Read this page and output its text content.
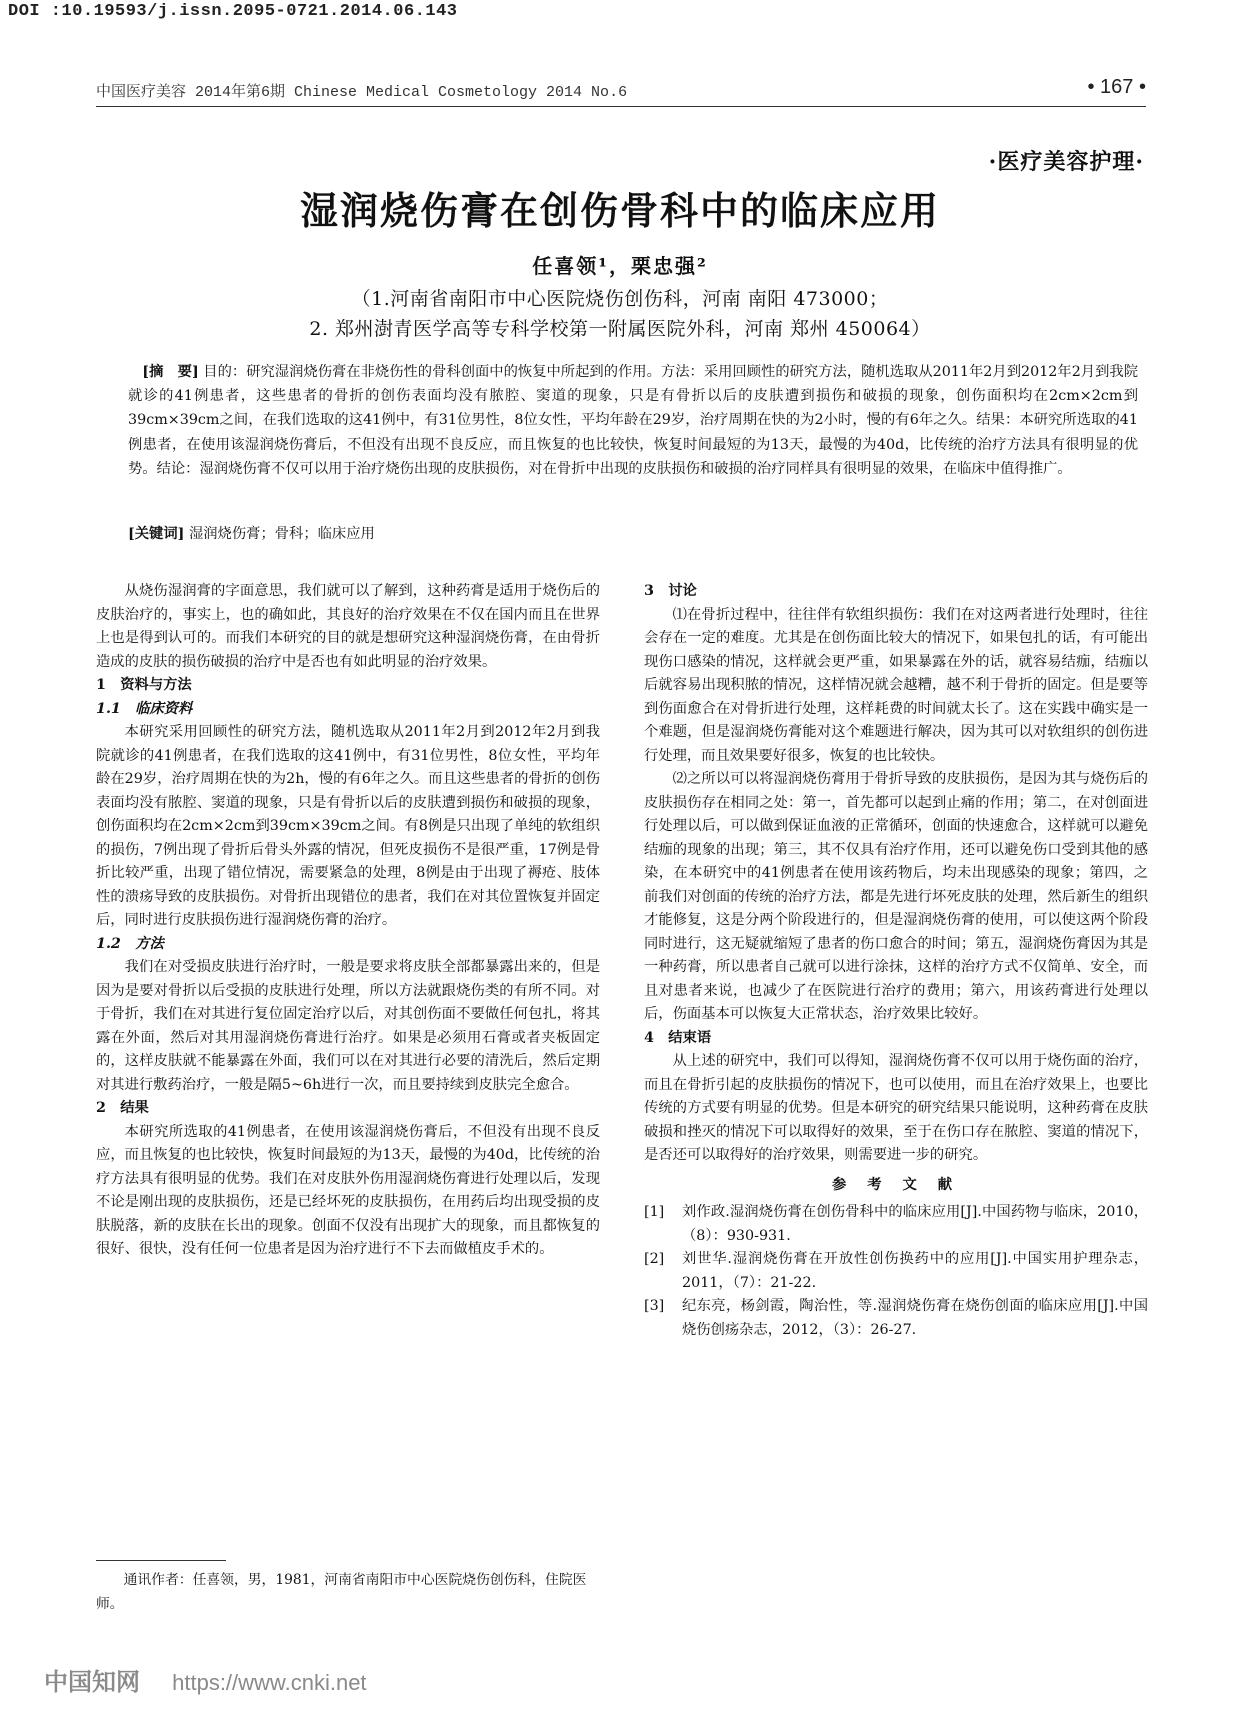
DOI :10.19593/j.issn.2095-0721.2014.06.143
中国医疗美容 2014年第6期 Chinese Medical Cosmetology 2014 No.6	• 167 •
·医疗美容护理·
湿润烧伤膏在创伤骨科中的临床应用
任喜领¹，栗忠强²
（1.河南省南阳市中心医院烧伤创伤科，河南 南阳 473000；
2. 郑州澍青医学高等专科学校第一附属医院外科，河南 郑州 450064）
[摘　要] 目的：研究湿润烧伤膏在非烧伤性的骨科创面中的恢复中所起到的作用。方法：采用回顾性的研究方法，随机选取从2011年2月到2012年2月到我院就诊的41例患者，这些患者的骨折的创伤表面均没有脓腔、窦道的现象，只是有骨折以后的皮肤遭到损伤和破损的现象，创伤面积均在2cm×2cm到39cm×39cm之间，在我们选取的这41例中，有31位男性，8位女性，平均年龄在29岁，治疗周期在快的为2小时，慢的有6年之久。结果：本研究所选取的41例患者，在使用该湿润烧伤膏后，不但没有出现不良反应，而且恢复的也比较快，恢复时间最短的为13天，最慢的为40d，比传统的治疗方法具有很明显的优势。结论：湿润烧伤膏不仅可以用于治疗烧伤出现的皮肤损伤，对在骨折中出现的皮肤损伤和破损的治疗同样具有很明显的效果，在临床中值得推广。
[关键词] 湿润烧伤膏；骨科；临床应用

从烧伤湿润膏的字面意思，我们就可以了解到，这种药膏是适用于烧伤后的皮肤治疗的，事实上，也的确如此，其良好的治疗效果在不仅在国内而且在世界上也是得到认可的。而我们本研究的目的就是想研究这种湿润烧伤膏，在由骨折造成的皮肤的损伤破损的治疗中是否也有如此明显的治疗效果。

1　资料与方法

1.1　临床资料

本研究采用回顾性的研究方法，随机选取从2011年2月到2012年2月到我院就诊的41例患者，在我们选取的这41例中，有31位男性，8位女性，平均年龄在29岁，治疗周期在快的为2h，慢的有6年之久。而且这些患者的骨折的创伤表面均没有脓腔、窦道的现象，只是有骨折以后的皮肤遭到损伤和破损的现象，创伤面积均在2cm×2cm到39cm×39cm之间。有8例是只出现了单纯的软组织的损伤，7例出现了骨折后骨头外露的情况，但死皮损伤不是很严重，17例是骨折比较严重，出现了错位情况，需要紧急的处理，8例是由于出现了褥疮、肢体性的溃疡导致的皮肤损伤。对骨折出现错位的患者，我们在对其位置恢复并固定后，同时进行皮肤损伤进行湿润烧伤膏的治疗。

1.2　方法

我们在对受损皮肤进行治疗时，一般是要求将皮肤全部都暴露出来的，但是因为是要对骨折以后受损的皮肤进行处理，所以方法就跟烧伤类的有所不同。对于骨折，我们在对其进行复位固定治疗以后，对其创伤面不要做任何包扎，将其露在外面，然后对其用湿润烧伤膏进行治疗。如果是必须用石膏或者夹板固定的，这样皮肤就不能暴露在外面，我们可以在对其进行必要的清洗后，然后定期对其进行敷药治疗，一般是隔5~6h进行一次，而且要持续到皮肤完全愈合。

2　结果

本研究所选取的41例患者，在使用该湿润烧伤膏后，不但没有出现不良反应，而且恢复的也比较快，恢复时间最短的为13天，最慢的为40d，比传统的治疗方法具有很明显的优势。我们在对皮肤外伤用湿润烧伤膏进行处理以后，发现不论是刚出现的皮肤损伤，还是已经坏死的皮肤损伤，在用药后均出现受损的皮肤脱落，新的皮肤在长出的现象。创面不仅没有出现扩大的现象，而且都恢复的很好、很快，没有任何一位患者是因为治疗进行不下去而做植皮手术的。

3　讨论

⑴在骨折过程中，往往伴有软组织损伤：我们在对这两者进行处理时，往往会存在一定的难度。尤其是在创伤面比较大的情况下，如果包扎的话，有可能出现伤口感染的情况，这样就会更严重，如果暴露在外的话，就容易结痂，结痂以后就容易出现积脓的情况，这样情况就会越糟，越不利于骨折的固定。但是要等到伤面愈合在对骨折进行处理，这样耗费的时间就太长了。这在实践中确实是一个难题，但是湿润烧伤膏能对这个难题进行解决，因为其可以对软组织的创伤进行处理，而且效果要好很多，恢复的也比较快。

⑵之所以可以将湿润烧伤膏用于骨折导致的皮肤损伤，是因为其与烧伤后的皮肤损伤存在相同之处：第一，首先都可以起到止痛的作用；第二，在对创面进行处理以后，可以做到保证血液的正常循环，创面的快速愈合，这样就可以避免结痂的现象的出现；第三，其不仅具有治疗作用，还可以避免伤口受到其他的感染，在本研究中的41例患者在使用该药物后，均未出现感染的现象；第四，之前我们对创面的传统的治疗方法，都是先进行坏死皮肤的处理，然后新生的组织才能修复，这是分两个阶段进行的，但是湿润烧伤膏的使用，可以使这两个阶段同时进行，这无疑就缩短了患者的伤口愈合的时间；第五，湿润烧伤膏因为其是一种药膏，所以患者自己就可以进行涂抹，这样的治疗方式不仅简单、安全，而且对患者来说，也减少了在医院进行治疗的费用；第六，用该药膏进行处理以后，伤面基本可以恢复大正常状态，治疗效果比较好。

4　结束语

从上述的研究中，我们可以得知，湿润烧伤膏不仅可以用于烧伤面的治疗，而且在骨折引起的皮肤损伤的情况下，也可以使用，而且在治疗效果上，也要比传统的方式要有明显的优势。但是本研究的研究结果只能说明，这种药膏在皮肤破损和挫灭的情况下可以取得好的效果，至于在伤口存在脓腔、窦道的情况下，是否还可以取得好的治疗效果，则需要进一步的研究。

参 考 文 献
[1]	刘作政.湿润烧伤膏在创伤骨科中的临床应用[J].中国药物与临床，2010，（8）：930-931.
[2]	刘世华.湿润烧伤膏在开放性创伤换药中的应用[J].中国实用护理杂志，2011，（7）：21-22.
[3]	纪东亮，杨剑霞，陶治性，等.湿润烧伤膏在烧伤创面的临床应用[J].中国烧伤创疡杂志，2012，（3）：26-27.
通讯作者：任喜领，男，1981，河南省南阳市中心医院烧伤创伤科，住院医师。
中国知网 https://www.cnki.net
